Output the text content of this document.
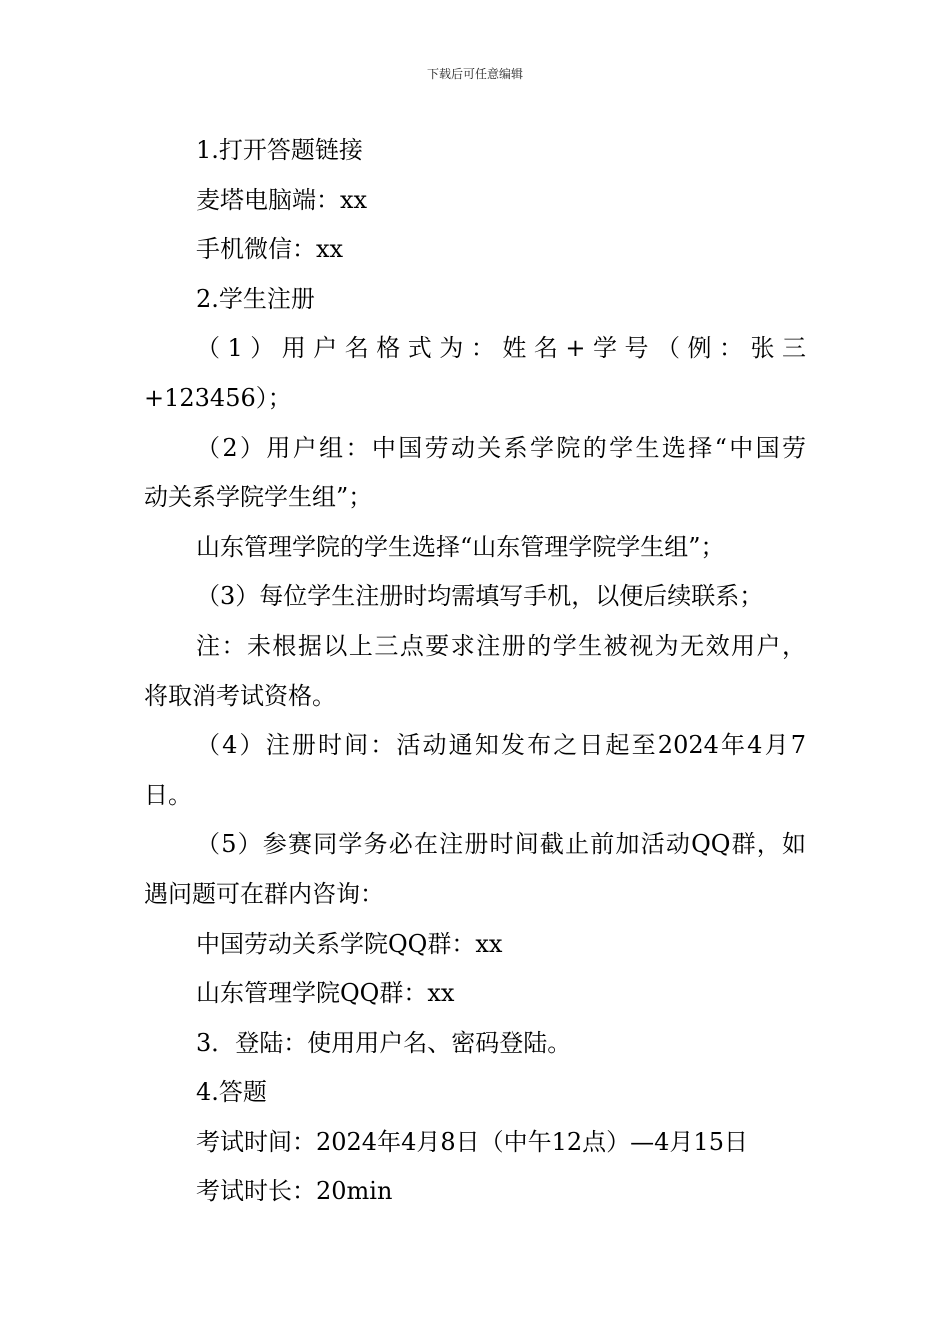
下载后可任意编辑

1.打开答题链接

麦塔电脑端：xx

手机微信：xx

2.学生注册

（1）用户名格式为：姓名+学号（例：张三

+123456）；

（2）用户组：中国劳动关系学院的学生选择“中国劳

动关系学院学生组”；

山东管理学院的学生选择“山东管理学院学生组”；

（3）每位学生注册时均需填写手机，以便后续联系；

注：未根据以上三点要求注册的学生被视为无效用户，

将取消考试资格。

（4）注册时间：活动通知发布之日起至2024年4月7

日。

（5）参赛同学务必在注册时间截止前加活动QQ群，如

遇问题可在群内咨询：

中国劳动关系学院QQ群：xx

山东管理学院QQ群：xx

3．登陆：使用用户名、密码登陆。

4.答题

考试时间：2024年4月8日（中午12点）—4月15日

考试时长：20min
